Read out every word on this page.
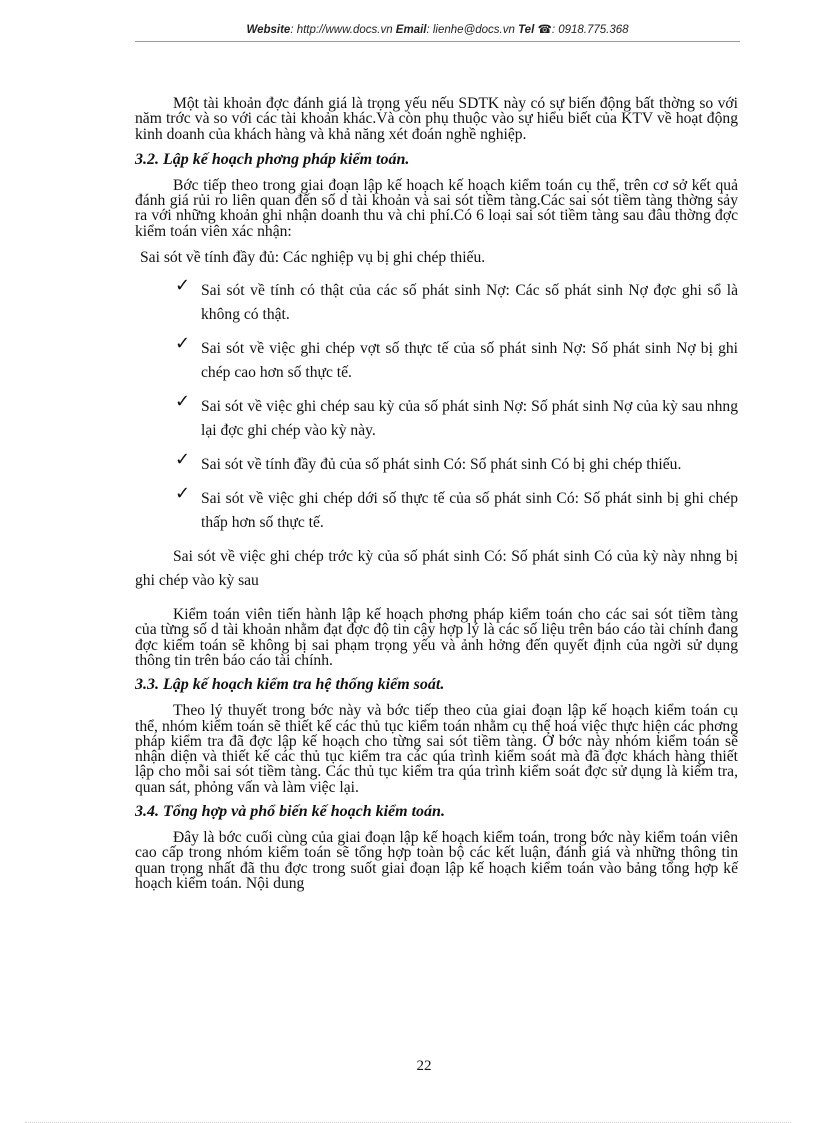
Website: http://www.docs.vn Email: lienhe@docs.vn Tel ☎: 0918.775.368

Một tài khoản đợc đánh giá là trọng yếu nếu SDTK này có sự biến động bất thờng so với năm trớc và so với các tài khoản khác.Và còn phụ thuộc vào sự hiểu biết của KTV về hoạt động kinh doanh của khách hàng và khả năng xét đoán nghề nghiệp.

3.2. Lập kế hoạch phơng pháp kiểm toán.

Bớc tiếp theo trong giai đoạn lập kế hoạch kế hoạch kiểm toán cụ thể, trên cơ sở kết quả đánh giá rủi ro liên quan đến số d tài khoản và sai sót tiềm tàng.Các sai sót tiềm tàng thờng sảy ra với những khoản ghi nhận doanh thu và chi phí.Có 6 loại sai sót tiềm tàng sau đâu thờng đợc kiểm toán viên xác nhận:

Sai sót về tính đầy đủ: Các nghiệp vụ bị ghi chép thiếu.

✓ Sai sót về tính có thật của các số phát sinh Nợ: Các số phát sinh Nợ đợc ghi sổ là không có thật.

✓ Sai sót về việc ghi chép vợt số thực tế của số phát sinh Nợ: Số phát sinh Nợ bị ghi chép cao hơn số thực tế.

✓ Sai sót về việc ghi chép sau kỳ của số phát sinh Nợ: Số phát sinh Nợ của kỳ sau nhng lại đợc ghi chép vào kỳ này.

✓ Sai sót về tính đầy đủ của số phát sinh Có: Số phát sinh Có bị ghi chép thiếu.

✓ Sai sót về việc ghi chép dới số thực tế của số phát sinh Có: Số phát sinh bị ghi chép thấp hơn số thực tế.

Sai sót về việc ghi chép trớc kỳ của số phát sinh Có: Số phát sinh Có của kỳ này nhng bị ghi chép vào kỳ sau

Kiểm toán viên tiến hành lập kế hoạch phơng pháp kiểm toán cho các sai sót tiềm tàng của từng số d tài khoản nhằm đạt đợc độ tin cậy hợp lý là các số liệu trên báo cáo tài chính đang đợc kiểm toán sẽ không bị sai phạm trọng yếu và ảnh hởng đến quyết định của ngời sử dụng thông tin trên báo cáo tài chính.

3.3. Lập kế hoạch kiểm tra hệ thống kiểm soát.

Theo lý thuyết trong bớc này và bớc tiếp theo của giai đoạn lập kế hoạch kiểm toán cụ thể, nhóm kiểm toán sẽ thiết kế các thủ tục kiểm toán nhằm cụ thể hoá việc thực hiện các phơng pháp kiểm tra đã đợc lập kế hoạch cho từng sai sót tiềm tàng. Ở bớc này nhóm kiểm toán sẽ nhận diện và thiết kế các thủ tục kiểm tra các qúa trình kiểm soát mà đã đợc khách hàng thiết lập cho mỗi sai sót tiềm tàng. Các thủ tục kiểm tra qúa trình kiểm soát đợc sử dụng là kiểm tra, quan sát, phỏng vấn và làm việc lại.

3.4. Tổng hợp và phổ biến kế hoạch kiểm toán.

Đây là bớc cuối cùng của giai đoạn lập kế hoạch kiểm toán, trong bớc này kiểm toán viên cao cấp trong nhóm kiểm toán sẽ tổng hợp toàn bộ các kết luận, đánh giá và những thông tin quan trọng nhất đã thu đợc trong suốt giai đoạn lập kế hoạch kiểm toán vào bảng tổng hợp kế hoạch kiểm toán. Nội dung

22
